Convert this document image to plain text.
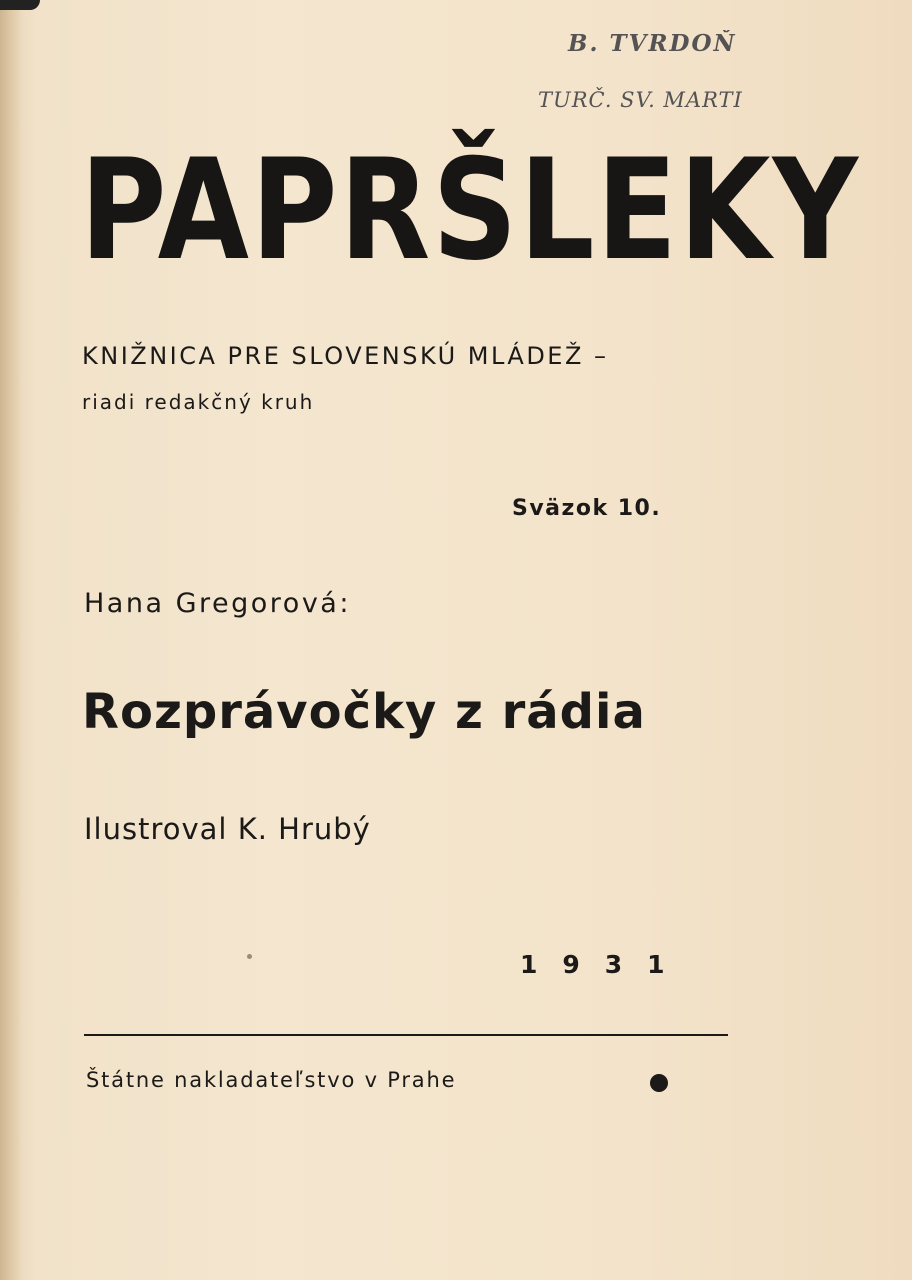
B. TVRDOŇ
TURČ. SV. MARTI
PAPRŠLEKY

KNIŽNICA PRE SLOVENSKÚ MLÁDEŽ –

riadi redakčný kruh

Sväzok 10.

Hana Gregorová:

Rozprávočky z rádia

Ilustroval K. Hrubý

1931

Štátne nakladateľstvo v Prahe
